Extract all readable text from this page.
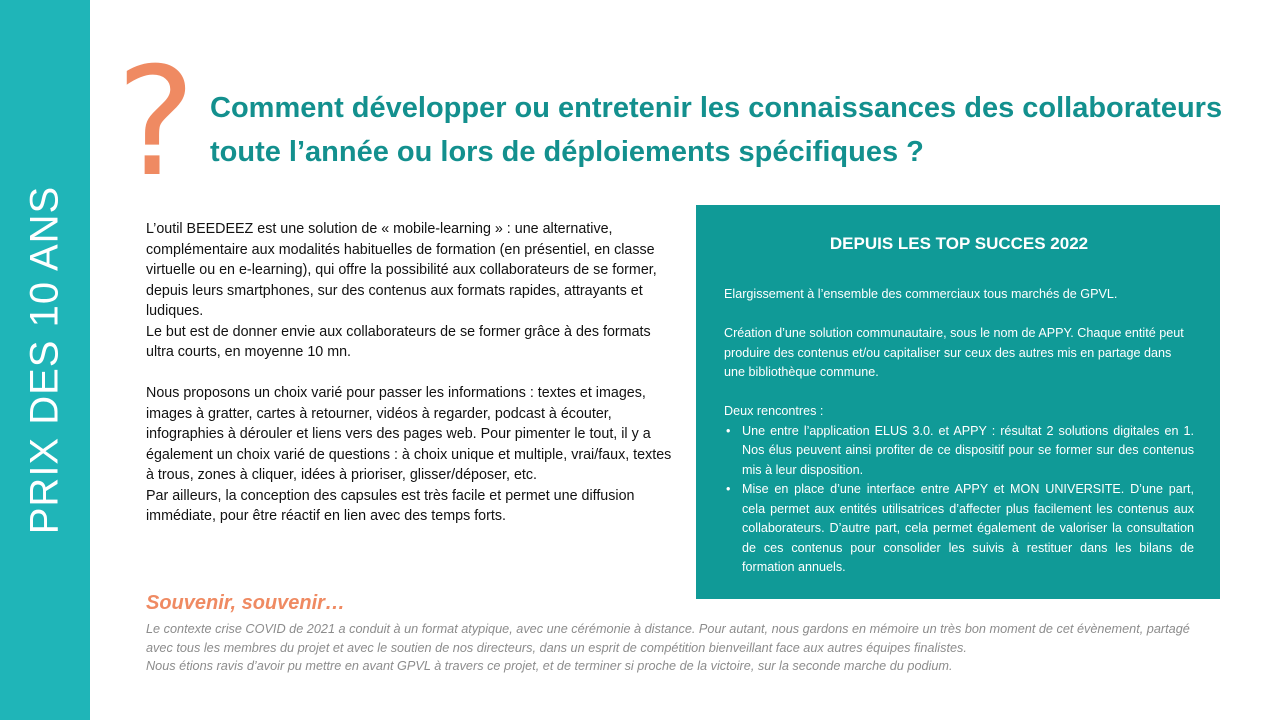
PRIX DES 10 ANS
? Comment développer ou entretenir les connaissances des collaborateurs toute l’année ou lors de déploiements spécifiques ?

L’outil BEEDEEZ est une solution de « mobile-learning » : une alternative, complémentaire aux modalités habituelles de formation (en présentiel, en classe virtuelle ou en e-learning), qui offre la possibilité aux collaborateurs de se former, depuis leurs smartphones, sur des contenus aux formats rapides, attrayants et ludiques.

Le but est de donner envie aux collaborateurs de se former grâce à des formats ultra courts, en moyenne 10 mn.

Nous proposons un choix varié pour passer les informations : textes et images, images à gratter, cartes à retourner, vidéos à regarder, podcast à écouter, infographies à dérouler et liens vers des pages web. Pour pimenter le tout, il y a également un choix varié de questions : à choix unique et multiple, vrai/faux, textes à trous, zones à cliquer, idées à prioriser, glisser/déposer, etc.

Par ailleurs, la conception des capsules est très facile et permet une diffusion immédiate, pour être réactif en lien avec des temps forts.

DEPUIS LES TOP SUCCES 2022

Elargissement à l’ensemble des commerciaux tous marchés de GPVL.

Création d’une solution communautaire, sous le nom de APPY. Chaque entité peut produire des contenus et/ou capitaliser sur ceux des autres mis en partage dans une bibliothèque commune.

Deux rencontres :

• Une entre l’application ELUS 3.0. et APPY : résultat 2 solutions digitales en 1. Nos élus peuvent ainsi profiter de ce dispositif pour se former sur des contenus mis à leur disposition.
• Mise en place d’une interface entre APPY et MON UNIVERSITE. D’une part, cela permet aux entités utilisatrices d’affecter plus facilement les contenus aux collaborateurs. D’autre part, cela permet également de valoriser la consultation de ces contenus pour consolider les suivis à restituer dans les bilans de formation annuels.
Souvenir, souvenir…

Le contexte crise COVID de 2021 a conduit à un format atypique, avec une cérémonie à distance. Pour autant, nous gardons en mémoire un très bon moment de cet évènement, partagé avec tous les membres du projet et avec le soutien de nos directeurs, dans un esprit de compétition bienveillant face aux autres équipes finalistes.

Nous étions ravis d’avoir pu mettre en avant GPVL à travers ce projet, et de terminer si proche de la victoire, sur la seconde marche du podium.
